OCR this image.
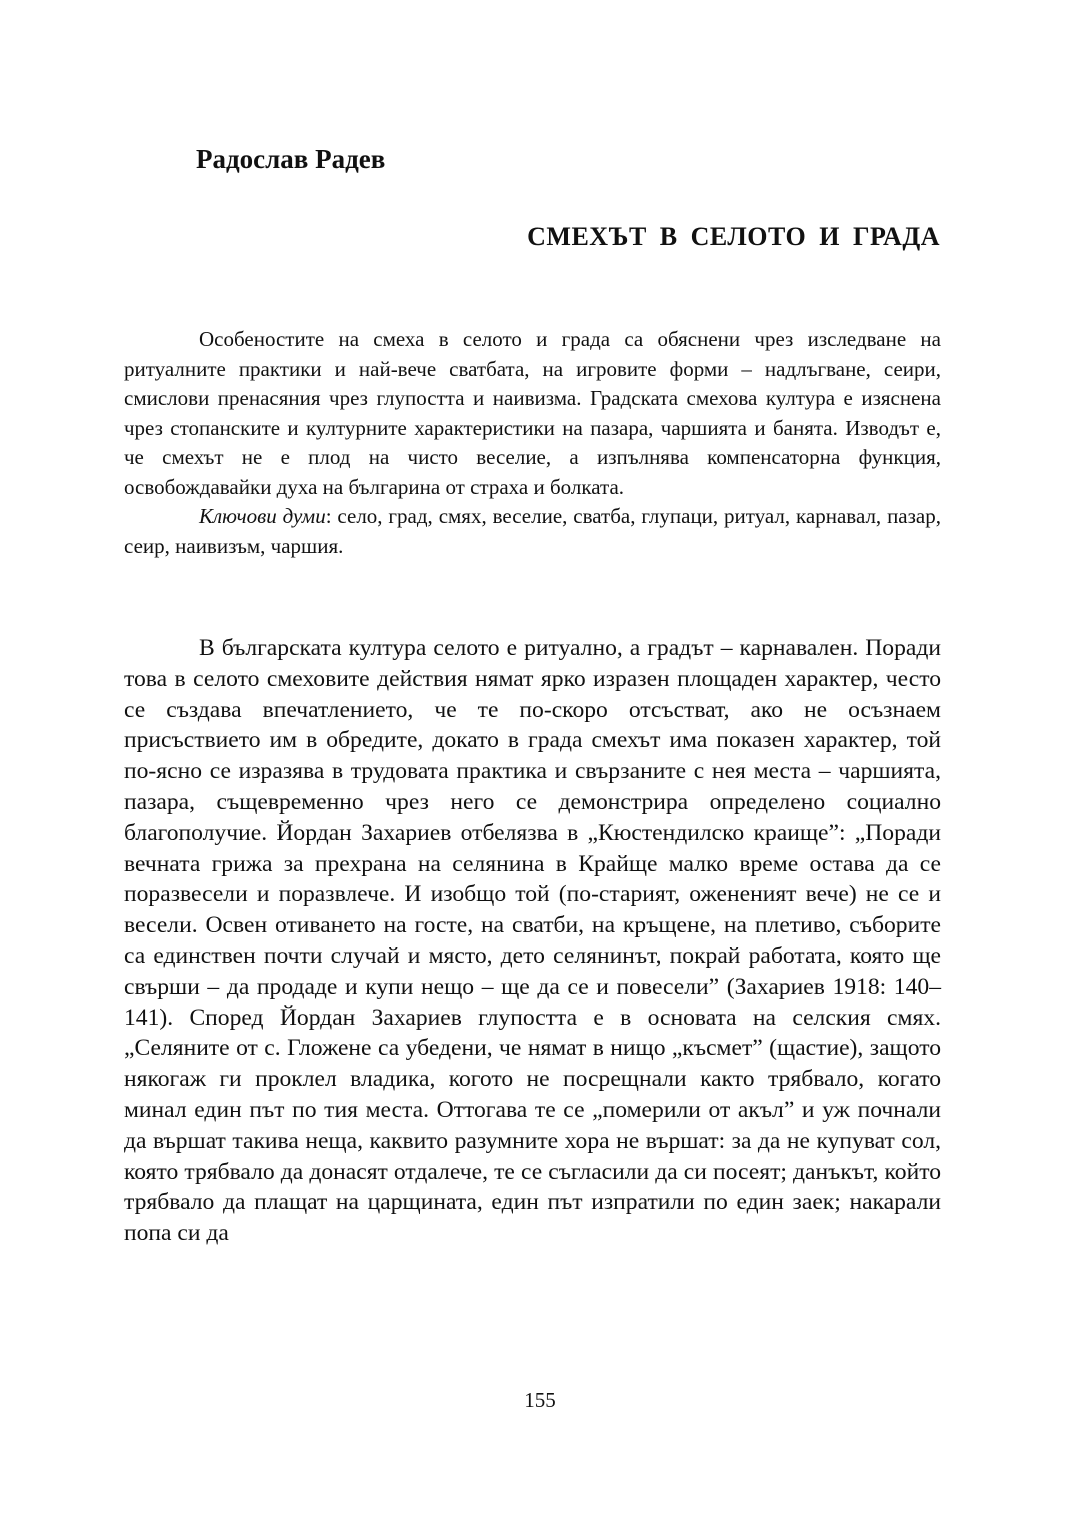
Радослав Радев
СМЕХЪТ В СЕЛОТО И ГРАДА

Особеностите на смеха в селото и града са обяснени чрез изследване на ритуалните практики и най-вече сватбата, на игровите форми – надлъгване, сеири, смислови пренасяния чрез глупостта и наивизма. Градската смехова култура е изяснена чрез стопанските и културните характеристики на пазара, чаршията и банята. Изводът е, че смехът не е плод на чисто веселие, а изпълнява компенсаторна функция, освобождавайки духа на българина от страха и болката.

Ключови думи: село, град, смях, веселие, сватба, глупаци, ритуал, карнавал, пазар, сеир, наивизъм, чаршия.

В българската култура селото е ритуално, а градът – карнавален. Поради това в селото смеховите действия нямат ярко изразен площаден характер, често се създава впечатлението, че те по-скоро отсъстват, ако не осъзнаем присъствието им в обредите, докато в града смехът има показен характер, той по-ясно се изразява в трудовата практика и свързаните с нея места – чаршията, пазара, същевременно чрез него се демонстрира определено социално благополучие. Йордан Захариев отбелязва в „Кюстендилско краище”: „Поради вечната грижа за прехрана на селянина в Крайще малко време остава да се поразвесели и поразвлече. И изобщо той (по-старият, ожененият вече) не се и весели. Освен отиването на госте, на сватби, на кръщене, на плетиво, съборите са единствен почти случай и място, дето селянинът, покрай работата, която ще свърши – да продаде и купи нещо – ще да се и повесели” (Захариев 1918: 140–141). Според Йордан Захариев глупостта е в основата на селския смях. „Селяните от с. Гложене са убедени, че нямат в нищо „късмет” (щастие), защото някогаж ги проклел владика, когото не посрещнали както трябвало, когато минал един път по тия места. Оттогава те се „померили от акъл” и уж почнали да вършат такива неща, каквито разумните хора не вършат: за да не купуват сол, която трябвало да донасят отдалече, те се съгласили да си посеят; данъкът, който трябвало да плащат на царщината, един път изпратили по един заек; накарали попа си да

155
